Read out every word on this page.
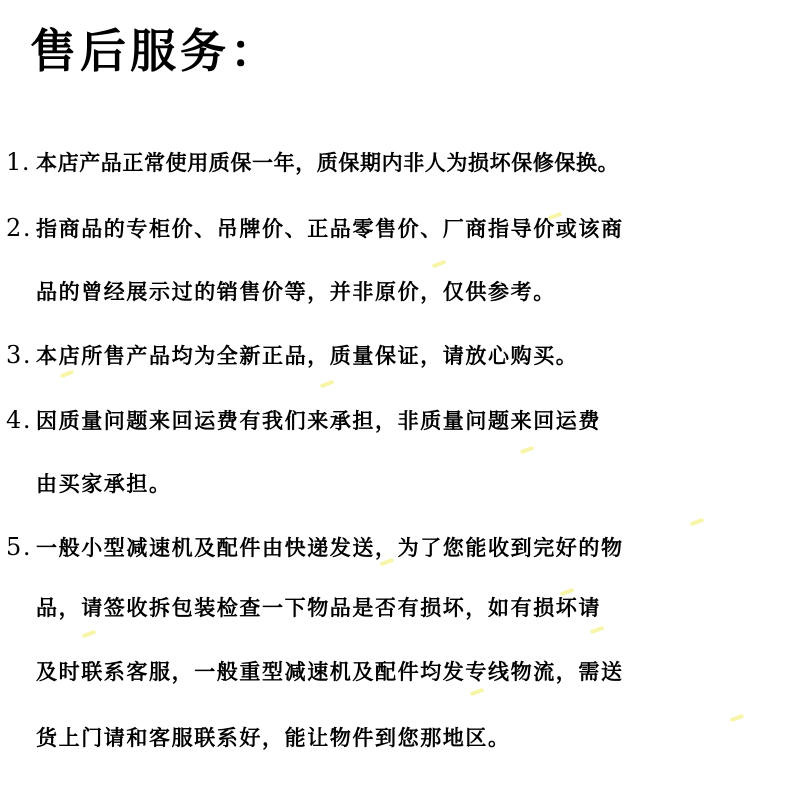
售后服务：
1. 本店产品正常使用质保一年，质保期内非人为损坏保修保换。
2. 指商品的专柜价、吊牌价、正品零售价、厂商指导价或该商
品的曾经展示过的销售价等，并非原价，仅供参考。
3. 本店所售产品均为全新正品，质量保证，请放心购买。
4. 因质量问题来回运费有我们来承担，非质量问题来回运费
由买家承担。
5. 一般小型减速机及配件由快递发送，为了您能收到完好的物
品，请签收拆包装检查一下物品是否有损坏，如有损坏请
及时联系客服，一般重型减速机及配件均发专线物流，需送
货上门请和客服联系好，能让物件到您那地区。
